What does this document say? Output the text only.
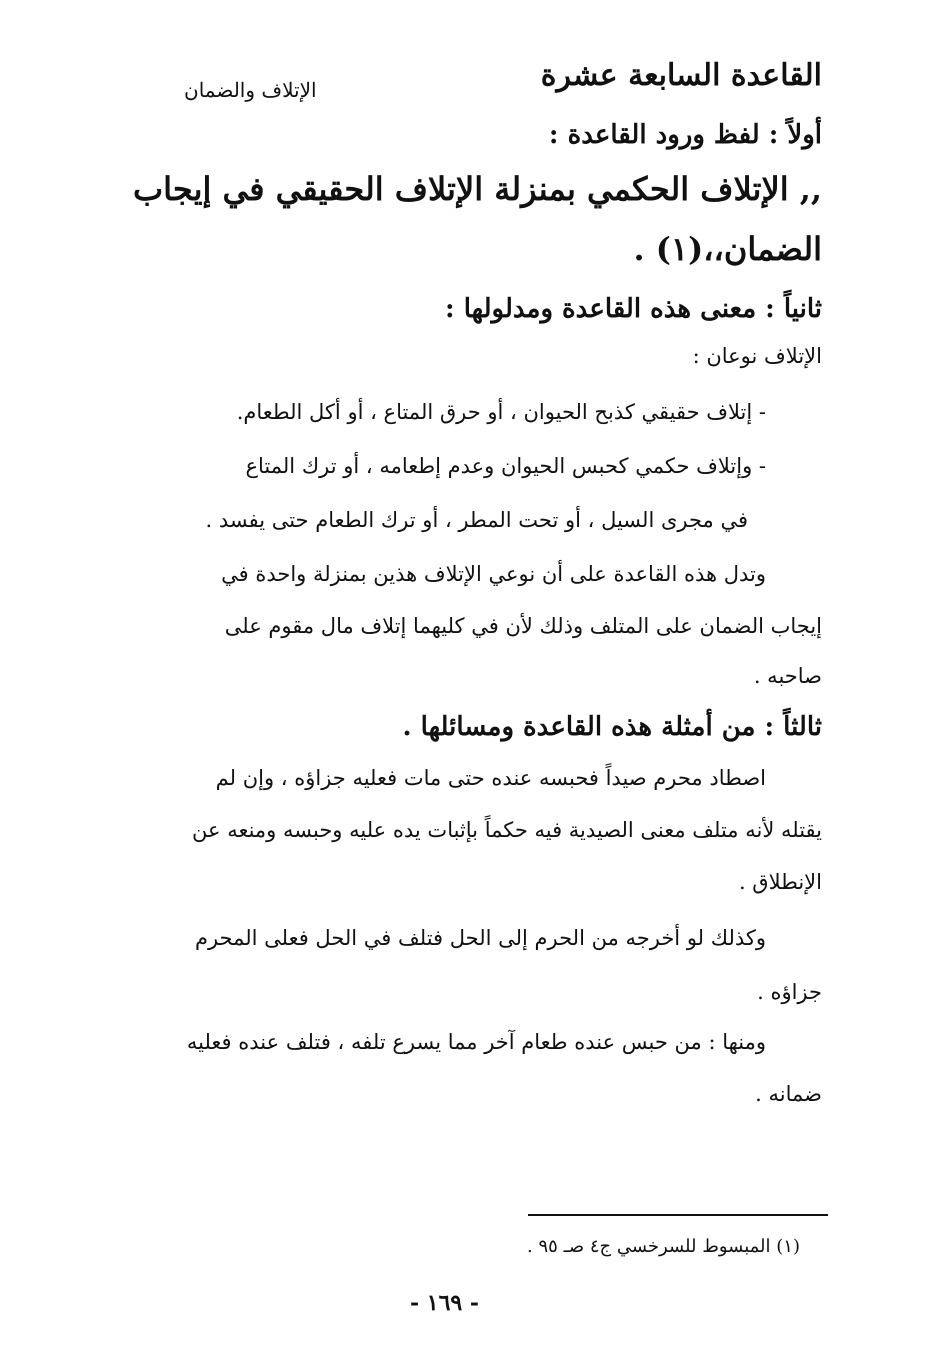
القاعدة السابعة عشرة
الإتلاف والضمان
أولاً : لفظ ورود القاعدة :
,, الإتلاف الحكمي بمنزلة الإتلاف الحقيقي في إيجاب
الضمان،،(١) .
ثانياً : معنى هذه القاعدة ومدلولها :
الإتلاف نوعان :
- إتلاف حقيقي كذبح الحيوان ، أو حرق المتاع ، أو أكل الطعام.
- وإتلاف حكمي كحبس الحيوان وعدم إطعامه ، أو ترك المتاع
في مجرى السيل ، أو تحت المطر ، أو ترك الطعام حتى يفسد .
وتدل هذه القاعدة على أن نوعي الإتلاف هذين بمنزلة واحدة في
إيجاب الضمان على المتلف وذلك لأن في كليهما إتلاف مال مقوم على
صاحبه .
ثالثاً : من أمثلة هذه القاعدة ومسائلها .
اصطاد محرم صيداً فحبسه عنده حتى مات فعليه جزاؤه ، وإن لم
يقتله لأنه متلف معنى الصيدية فيه حكماً بإثبات يده عليه وحبسه ومنعه عن
الإنطلاق .
وكذلك لو أخرجه من الحرم إلى الحل فتلف في الحل فعلى المحرم
جزاؤه .
ومنها : من حبس عنده طعام آخر مما يسرع تلفه ، فتلف عنده فعليه
ضمانه .
(١) المبسوط للسرخسي ج٤ صـ ٩٥ .
- ١٦٩ -
